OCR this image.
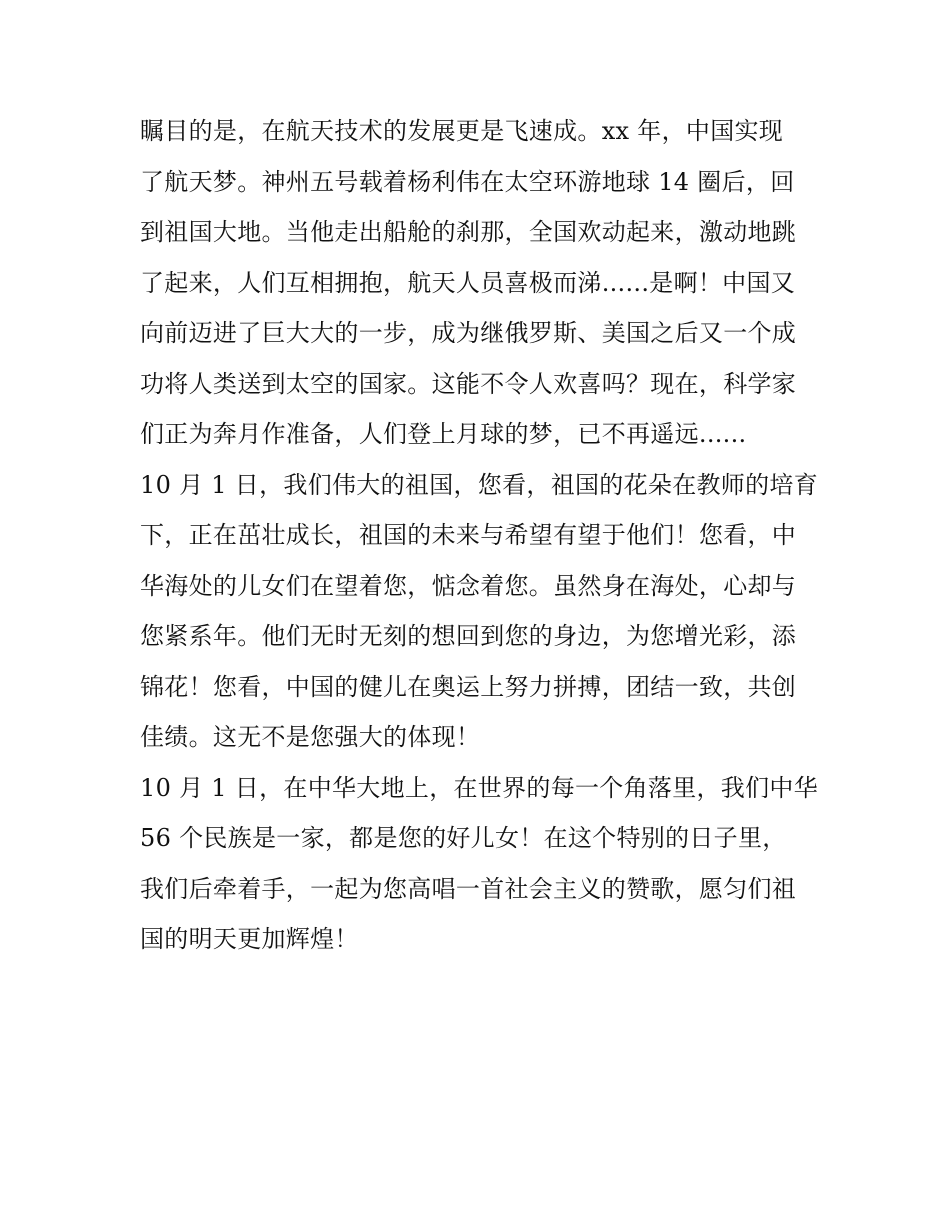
瞩目的是，在航天技术的发展更是飞速成。xx 年，中国实现
了航天梦。神州五号载着杨利伟在太空环游地球 14 圈后，回
到祖国大地。当他走出船舱的刹那，全国欢动起来，激动地跳
了起来，人们互相拥抱，航天人员喜极而涕......是啊！中国又
向前迈进了巨大大的一步，成为继俄罗斯、美国之后又一个成
功将人类送到太空的国家。这能不令人欢喜吗？现在，科学家
们正为奔月作准备，人们登上月球的梦，已不再遥远......
10 月 1 日，我们伟大的祖国，您看，祖国的花朵在教师的培育
下，正在茁壮成长，祖国的未来与希望有望于他们！您看，中
华海处的儿女们在望着您，惦念着您。虽然身在海处，心却与
您紧系年。他们无时无刻的想回到您的身边，为您增光彩，添
锦花！您看，中国的健儿在奥运上努力拼搏，团结一致，共创
佳绩。这无不是您强大的体现！
10 月 1 日，在中华大地上，在世界的每一个角落里，我们中华
56 个民族是一家，都是您的好儿女！在这个特别的日子里，
我们后牵着手，一起为您高唱一首社会主义的赞歌，愿匀们祖
国的明天更加辉煌！
